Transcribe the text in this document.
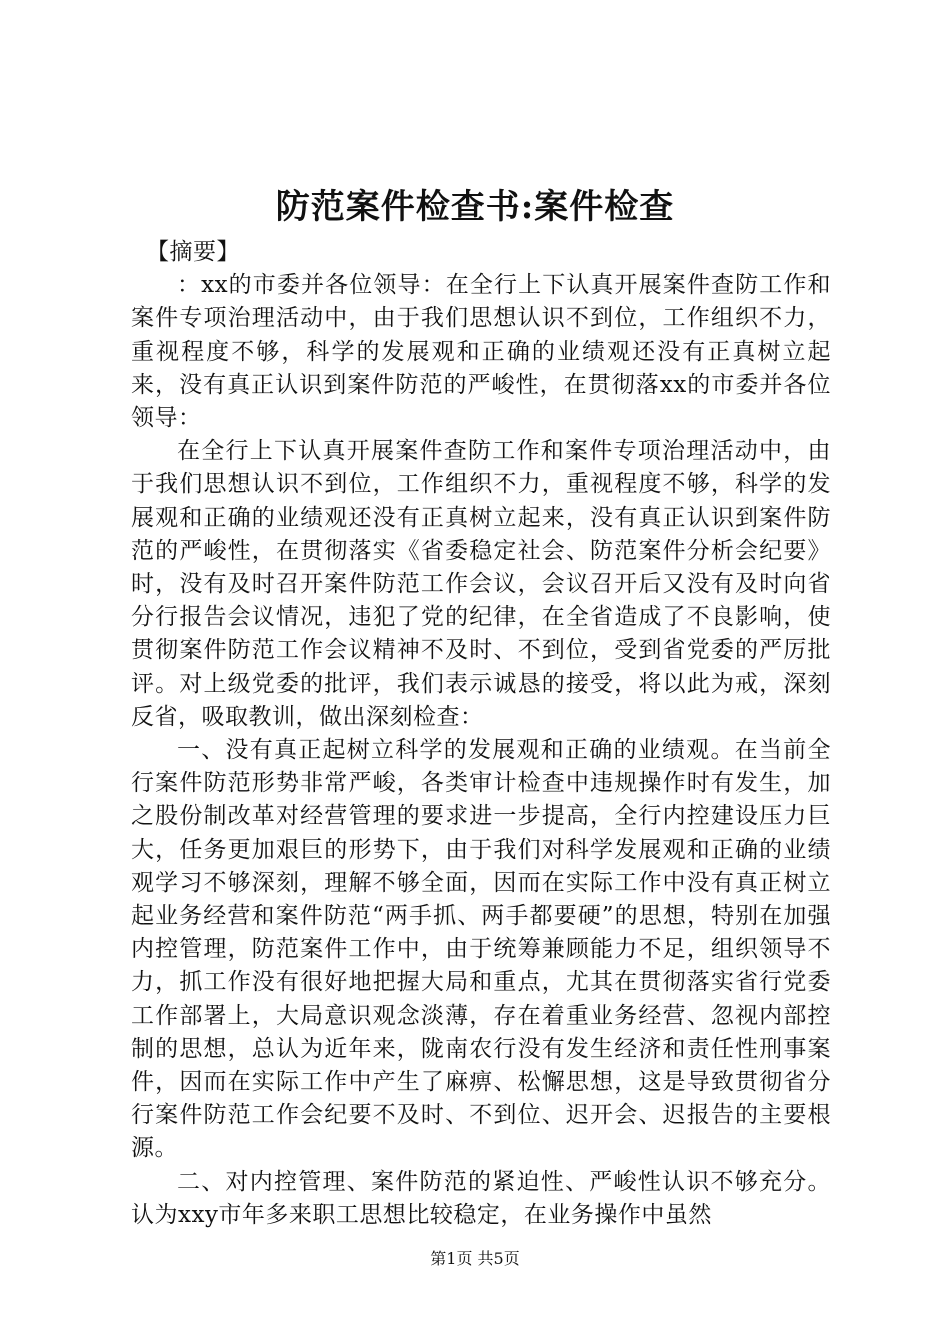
防范案件检查书:案件检查

【摘要】

：xx的市委并各位领导：在全行上下认真开展案件查防工作和案件专项治理活动中，由于我们思想认识不到位，工作组织不力，重视程度不够，科学的发展观和正确的业绩观还没有正真树立起来，没有真正认识到案件防范的严峻性，在贯彻落xx的市委并各位领导：

在全行上下认真开展案件查防工作和案件专项治理活动中，由于我们思想认识不到位，工作组织不力，重视程度不够，科学的发展观和正确的业绩观还没有正真树立起来，没有真正认识到案件防范的严峻性，在贯彻落实《省委稳定社会、防范案件分析会纪要》时，没有及时召开案件防范工作会议，会议召开后又没有及时向省分行报告会议情况，违犯了党的纪律，在全省造成了不良影响，使贯彻案件防范工作会议精神不及时、不到位，受到省党委的严厉批评。对上级党委的批评，我们表示诚恳的接受，将以此为戒，深刻反省，吸取教训，做出深刻检查：

一、没有真正起树立科学的发展观和正确的业绩观。在当前全行案件防范形势非常严峻，各类审计检查中违规操作时有发生，加之股份制改革对经营管理的要求进一步提高，全行内控建设压力巨大，任务更加艰巨的形势下，由于我们对科学发展观和正确的业绩观学习不够深刻，理解不够全面，因而在实际工作中没有真正树立起业务经营和案件防范“两手抓、两手都要硬”的思想，特别在加强内控管理，防范案件工作中，由于统筹兼顾能力不足，组织领导不力，抓工作没有很好地把握大局和重点，尤其在贯彻落实省行党委工作部署上，大局意识观念淡薄，存在着重业务经营、忽视内部控制的思想，总认为近年来，陇南农行没有发生经济和责任性刑事案件，因而在实际工作中产生了麻痹、松懈思想，这是导致贯彻省分行案件防范工作会纪要不及时、不到位、迟开会、迟报告的主要根源。

二、对内控管理、案件防范的紧迫性、严峻性认识不够充分。认为xxy市年多来职工思想比较稳定，在业务操作中虽然

第1页 共5页
